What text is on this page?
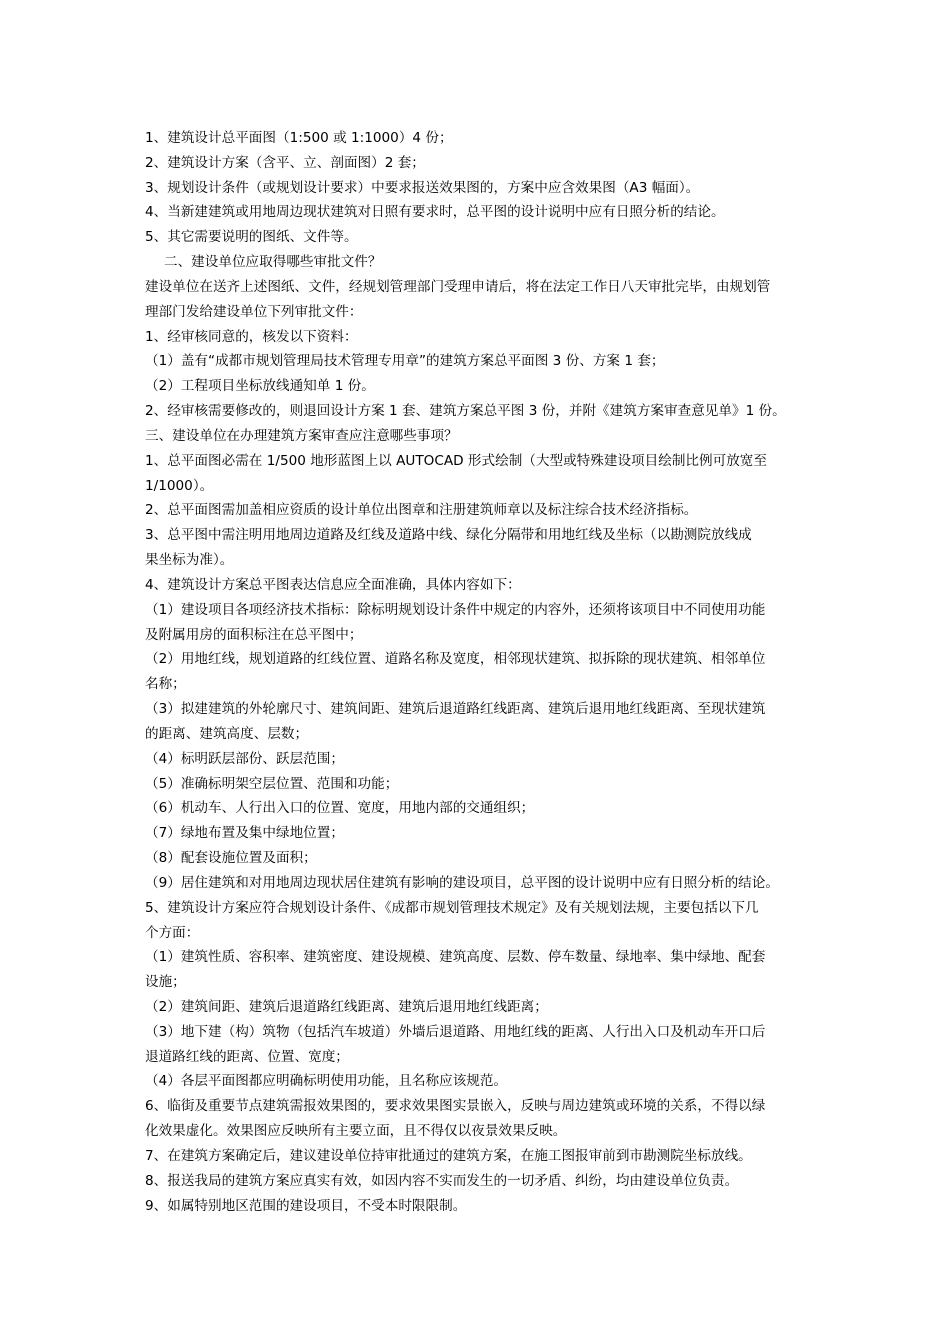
1、建筑设计总平面图（1:500 或 1:1000）4 份；
2、建筑设计方案（含平、立、剖面图）2 套；
3、规划设计条件（或规划设计要求）中要求报送效果图的，方案中应含效果图（A3 幅面）。
4、当新建建筑或用地周边现状建筑对日照有要求时，总平图的设计说明中应有日照分析的结论。
5、其它需要说明的图纸、文件等。
二、建设单位应取得哪些审批文件？
建设单位在送齐上述图纸、文件，经规划管理部门受理申请后，将在法定工作日八天审批完毕，由规划管
理部门发给建设单位下列审批文件：
1、经审核同意的，核发以下资料：
（1）盖有“成都市规划管理局技术管理专用章”的建筑方案总平面图 3 份、方案 1 套；
（2）工程项目坐标放线通知单 1 份。
2、经审核需要修改的，则退回设计方案 1 套、建筑方案总平图 3 份，并附《建筑方案审查意见单》1 份。
三、建设单位在办理建筑方案审查应注意哪些事项？
1、总平面图必需在 1/500 地形蓝图上以 AUTOCAD 形式绘制（大型或特殊建设项目绘制比例可放宽至
1/1000）。
2、总平面图需加盖相应资质的设计单位出图章和注册建筑师章以及标注综合技术经济指标。
3、总平图中需注明用地周边道路及红线及道路中线、绿化分隔带和用地红线及坐标（以勘测院放线成
果坐标为准）。
4、建筑设计方案总平图表达信息应全面准确，具体内容如下：
（1）建设项目各项经济技术指标：除标明规划设计条件中规定的内容外，还须将该项目中不同使用功能
及附属用房的面积标注在总平图中；
（2）用地红线，规划道路的红线位置、道路名称及宽度，相邻现状建筑、拟拆除的现状建筑、相邻单位
名称；
（3）拟建建筑的外轮廓尺寸、建筑间距、建筑后退道路红线距离、建筑后退用地红线距离、至现状建筑
的距离、建筑高度、层数；
（4）标明跃层部份、跃层范围；
（5）准确标明架空层位置、范围和功能；
（6）机动车、人行出入口的位置、宽度，用地内部的交通组织；
（7）绿地布置及集中绿地位置；
（8）配套设施位置及面积；
（9）居住建筑和对用地周边现状居住建筑有影响的建设项目，总平图的设计说明中应有日照分析的结论。
5、建筑设计方案应符合规划设计条件、《成都市规划管理技术规定》及有关规划法规，主要包括以下几
个方面：
（1）建筑性质、容积率、建筑密度、建设规模、建筑高度、层数、停车数量、绿地率、集中绿地、配套
设施；
（2）建筑间距、建筑后退道路红线距离、建筑后退用地红线距离；
（3）地下建（构）筑物（包括汽车坡道）外墙后退道路、用地红线的距离、人行出入口及机动车开口后
退道路红线的距离、位置、宽度；
（4）各层平面图都应明确标明使用功能，且名称应该规范。
6、临街及重要节点建筑需报效果图的，要求效果图实景嵌入，反映与周边建筑或环境的关系，不得以绿
化效果虚化。效果图应反映所有主要立面，且不得仅以夜景效果反映。
7、在建筑方案确定后，建议建设单位持审批通过的建筑方案，在施工图报审前到市勘测院坐标放线。
8、报送我局的建筑方案应真实有效，如因内容不实而发生的一切矛盾、纠纷，均由建设单位负责。
9、如属特别地区范围的建设项目，不受本时限限制。
